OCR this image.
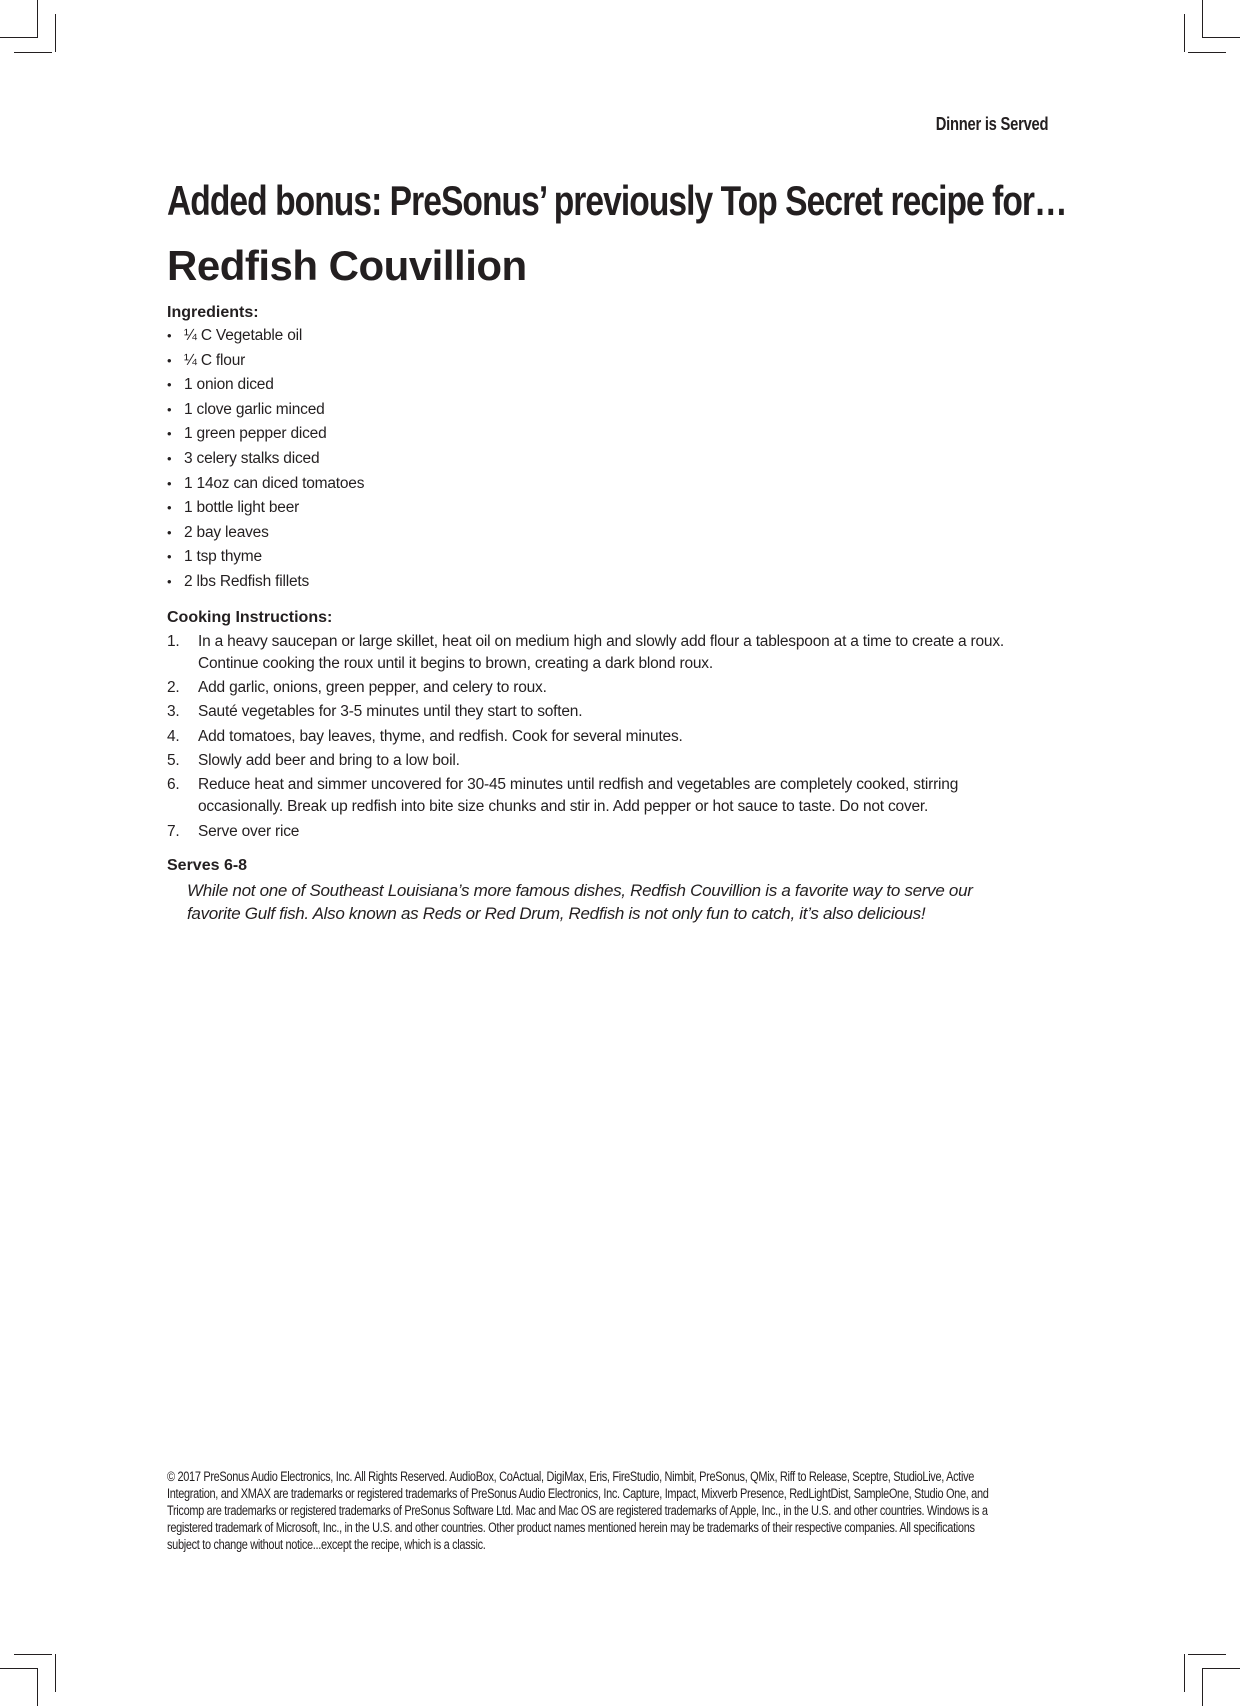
Dinner is Served
Added bonus: PreSonus’ previously Top Secret recipe for…
Redfish Couvillion

Ingredients:

• ¼ C Vegetable oil
• ¼ C flour
• 1 onion diced
• 1 clove garlic minced
• 1 green pepper diced
• 3 celery stalks diced
• 1 14oz can diced tomatoes
• 1 bottle light beer
• 2 bay leaves
• 1 tsp thyme
• 2 lbs Redfish fillets

Cooking Instructions:

1. In a heavy saucepan or large skillet, heat oil on medium high and slowly add flour a tablespoon at a time to create a roux. Continue cooking the roux until it begins to brown, creating a dark blond roux.
2. Add garlic, onions, green pepper, and celery to roux.
3. Sauté vegetables for 3-5 minutes until they start to soften.
4. Add tomatoes, bay leaves, thyme, and redfish. Cook for several minutes.
5. Slowly add beer and bring to a low boil.
6. Reduce heat and simmer uncovered for 30-45 minutes until redfish and vegetables are completely cooked, stirring occasionally. Break up redfish into bite size chunks and stir in. Add pepper or hot sauce to taste. Do not cover.
7. Serve over rice

Serves 6-8

While not one of Southeast Louisiana’s more famous dishes, Redfish Couvillion is a favorite way to serve our favorite Gulf fish. Also known as Reds or Red Drum, Redfish is not only fun to catch, it’s also delicious!

© 2017 PreSonus Audio Electronics, Inc. All Rights Reserved. AudioBox, CoActual, DigiMax, Eris, FireStudio, Nimbit, PreSonus, QMix, Riff to Release, Sceptre, StudioLive, Active Integration, and XMAX are trademarks or registered trademarks of PreSonus Audio Electronics, Inc. Capture, Impact, Mixverb Presence, RedLightDist, SampleOne, Studio One, and Tricomp are trademarks or registered trademarks of PreSonus Software Ltd. Mac and Mac OS are registered trademarks of Apple, Inc., in the U.S. and other countries. Windows is a registered trademark of Microsoft, Inc., in the U.S. and other countries. Other product names mentioned herein may be trademarks of their respective companies. All specifications subject to change without notice...except the recipe, which is a classic.
